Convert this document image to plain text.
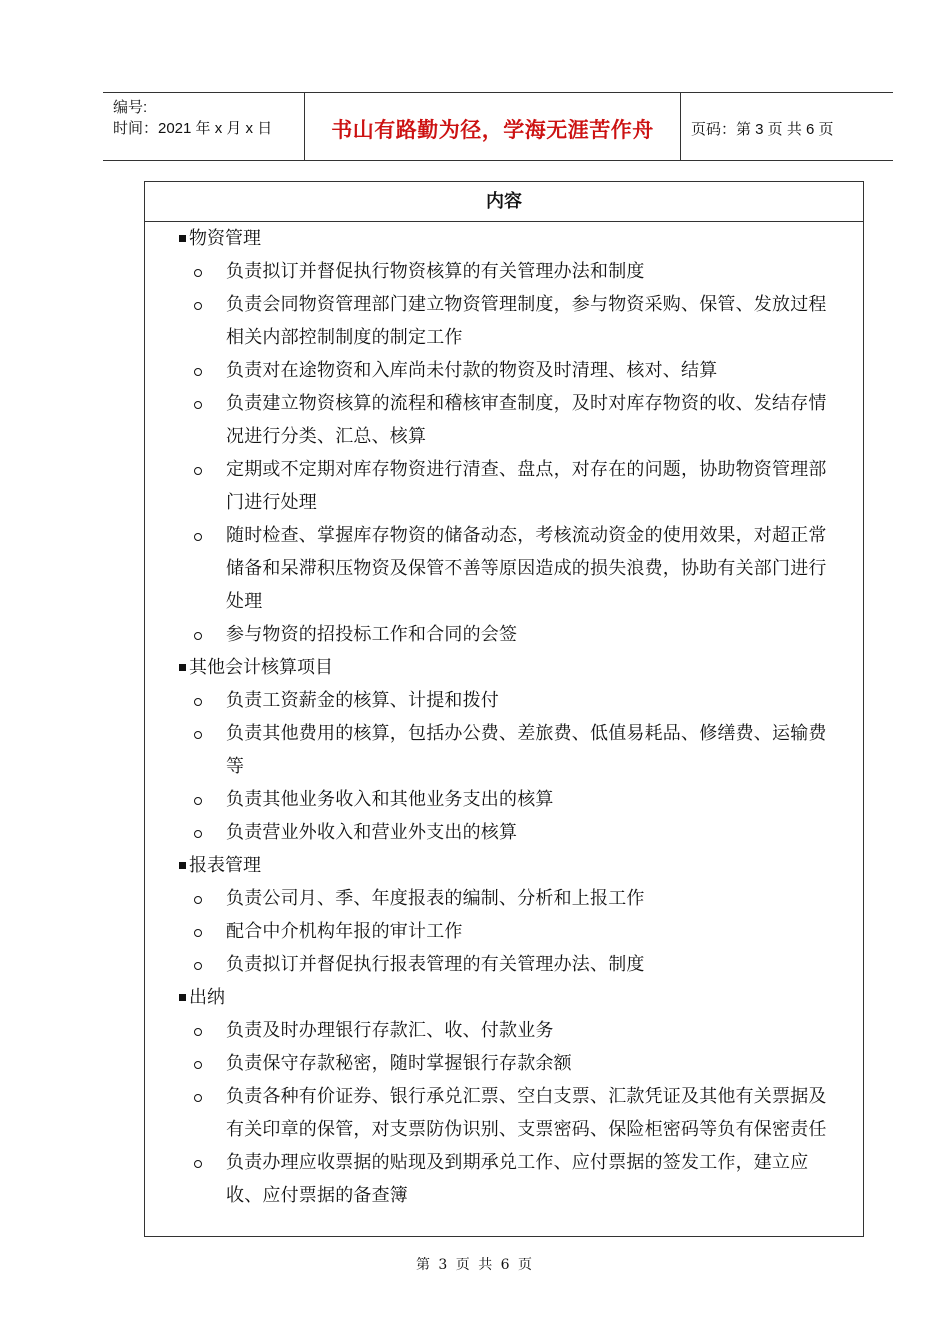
编号:
时间：2021 年 x 月 x 日	书山有路勤为径，学海无涯苦作舟	页码：第 3 页 共 6 页
内容
物资管理
负责拟订并督促执行物资核算的有关管理办法和制度
负责会同物资管理部门建立物资管理制度，参与物资采购、保管、发放过程相关内部控制制度的制定工作
负责对在途物资和入库尚未付款的物资及时清理、核对、结算
负责建立物资核算的流程和稽核审查制度，及时对库存物资的收、发结存情况进行分类、汇总、核算
定期或不定期对库存物资进行清查、盘点，对存在的问题，协助物资管理部门进行处理
随时检查、掌握库存物资的储备动态，考核流动资金的使用效果，对超正常储备和呆滞积压物资及保管不善等原因造成的损失浪费，协助有关部门进行处理
参与物资的招投标工作和合同的会签
其他会计核算项目
负责工资薪金的核算、计提和拨付
负责其他费用的核算，包括办公费、差旅费、低值易耗品、修缮费、运输费等
负责其他业务收入和其他业务支出的核算
负责营业外收入和营业外支出的核算
报表管理
负责公司月、季、年度报表的编制、分析和上报工作
配合中介机构年报的审计工作
负责拟订并督促执行报表管理的有关管理办法、制度
出纳
负责及时办理银行存款汇、收、付款业务
负责保守存款秘密，随时掌握银行存款余额
负责各种有价证券、银行承兑汇票、空白支票、汇款凭证及其他有关票据及有关印章的保管，对支票防伪识别、支票密码、保险柜密码等负有保密责任
负责办理应收票据的贴现及到期承兑工作、应付票据的签发工作，建立应收、应付票据的备查簿
第 3 页 共 6 页
